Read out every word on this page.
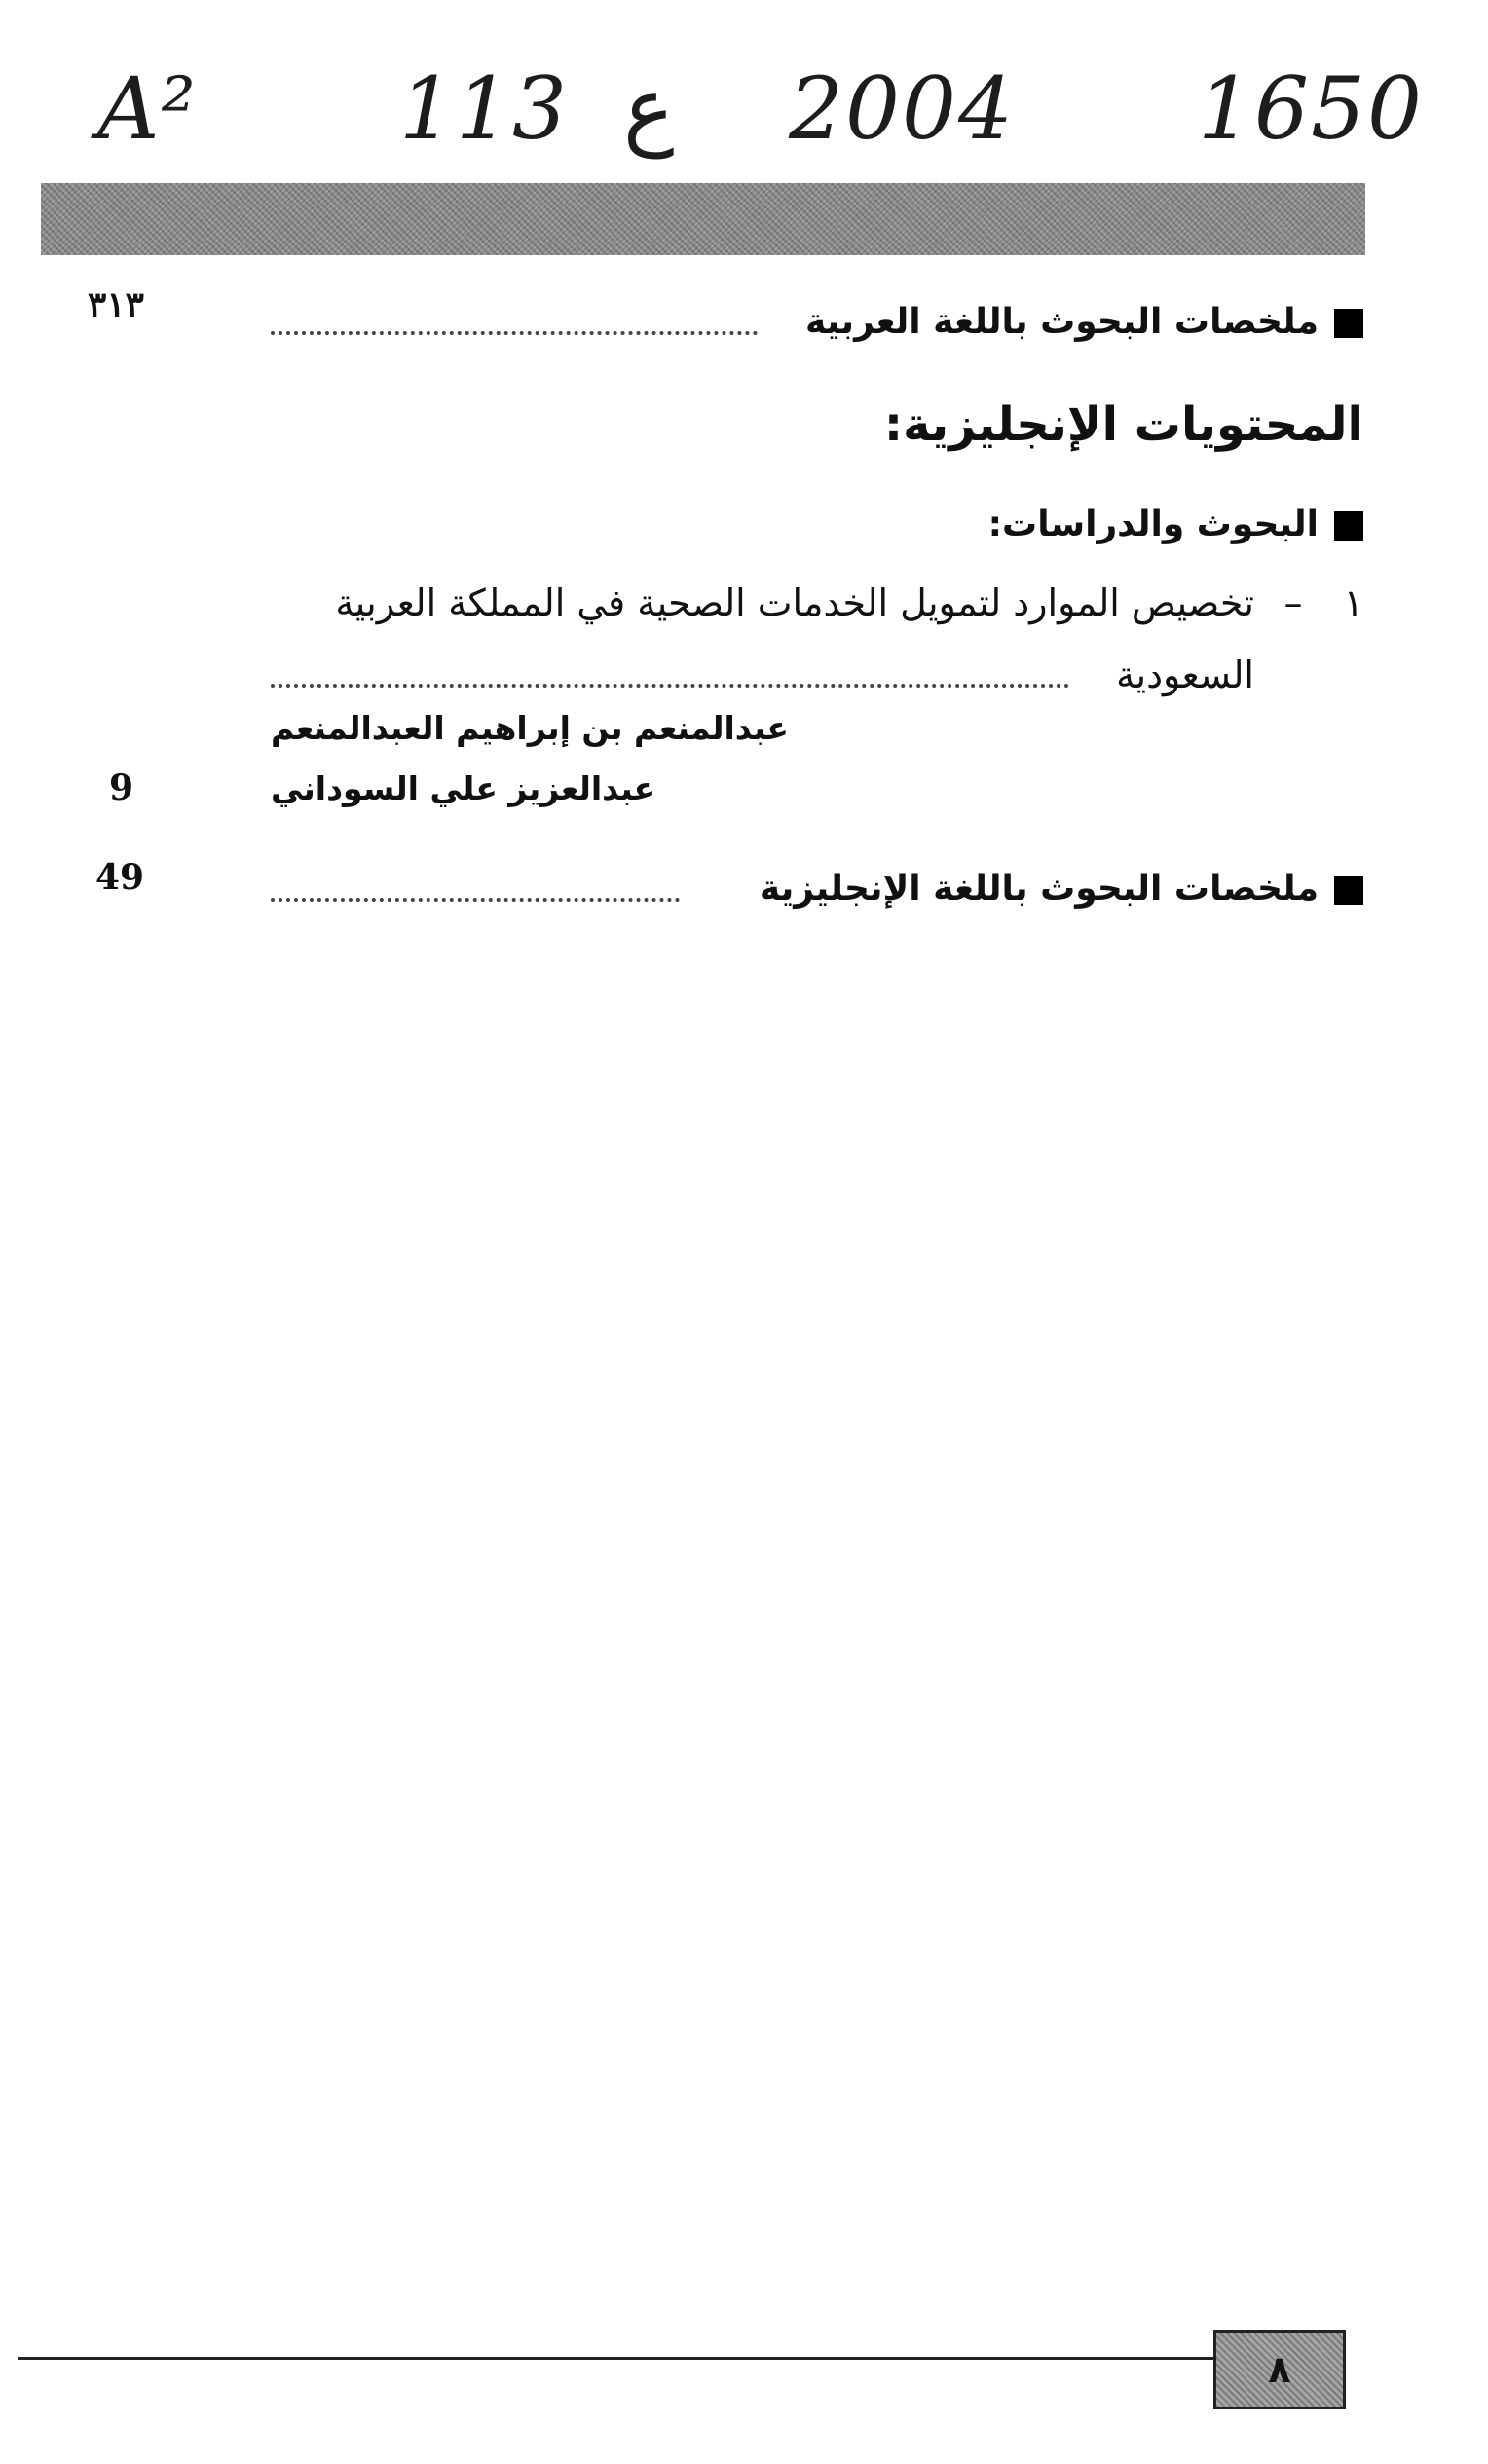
A² 113 ع 2004 1650
ملخصات البحوث باللغة العربية
٣١٣
المحتويات الإنجليزية:
البحوث والدراسات:
١ –
تخصيص الموارد لتمويل الخدمات الصحية في المملكة العربية
السعودية
عبدالمنعم بن إبراهيم العبدالمنعم
عبدالعزيز علي السوداني
9
ملخصات البحوث باللغة الإنجليزية
49
٨
